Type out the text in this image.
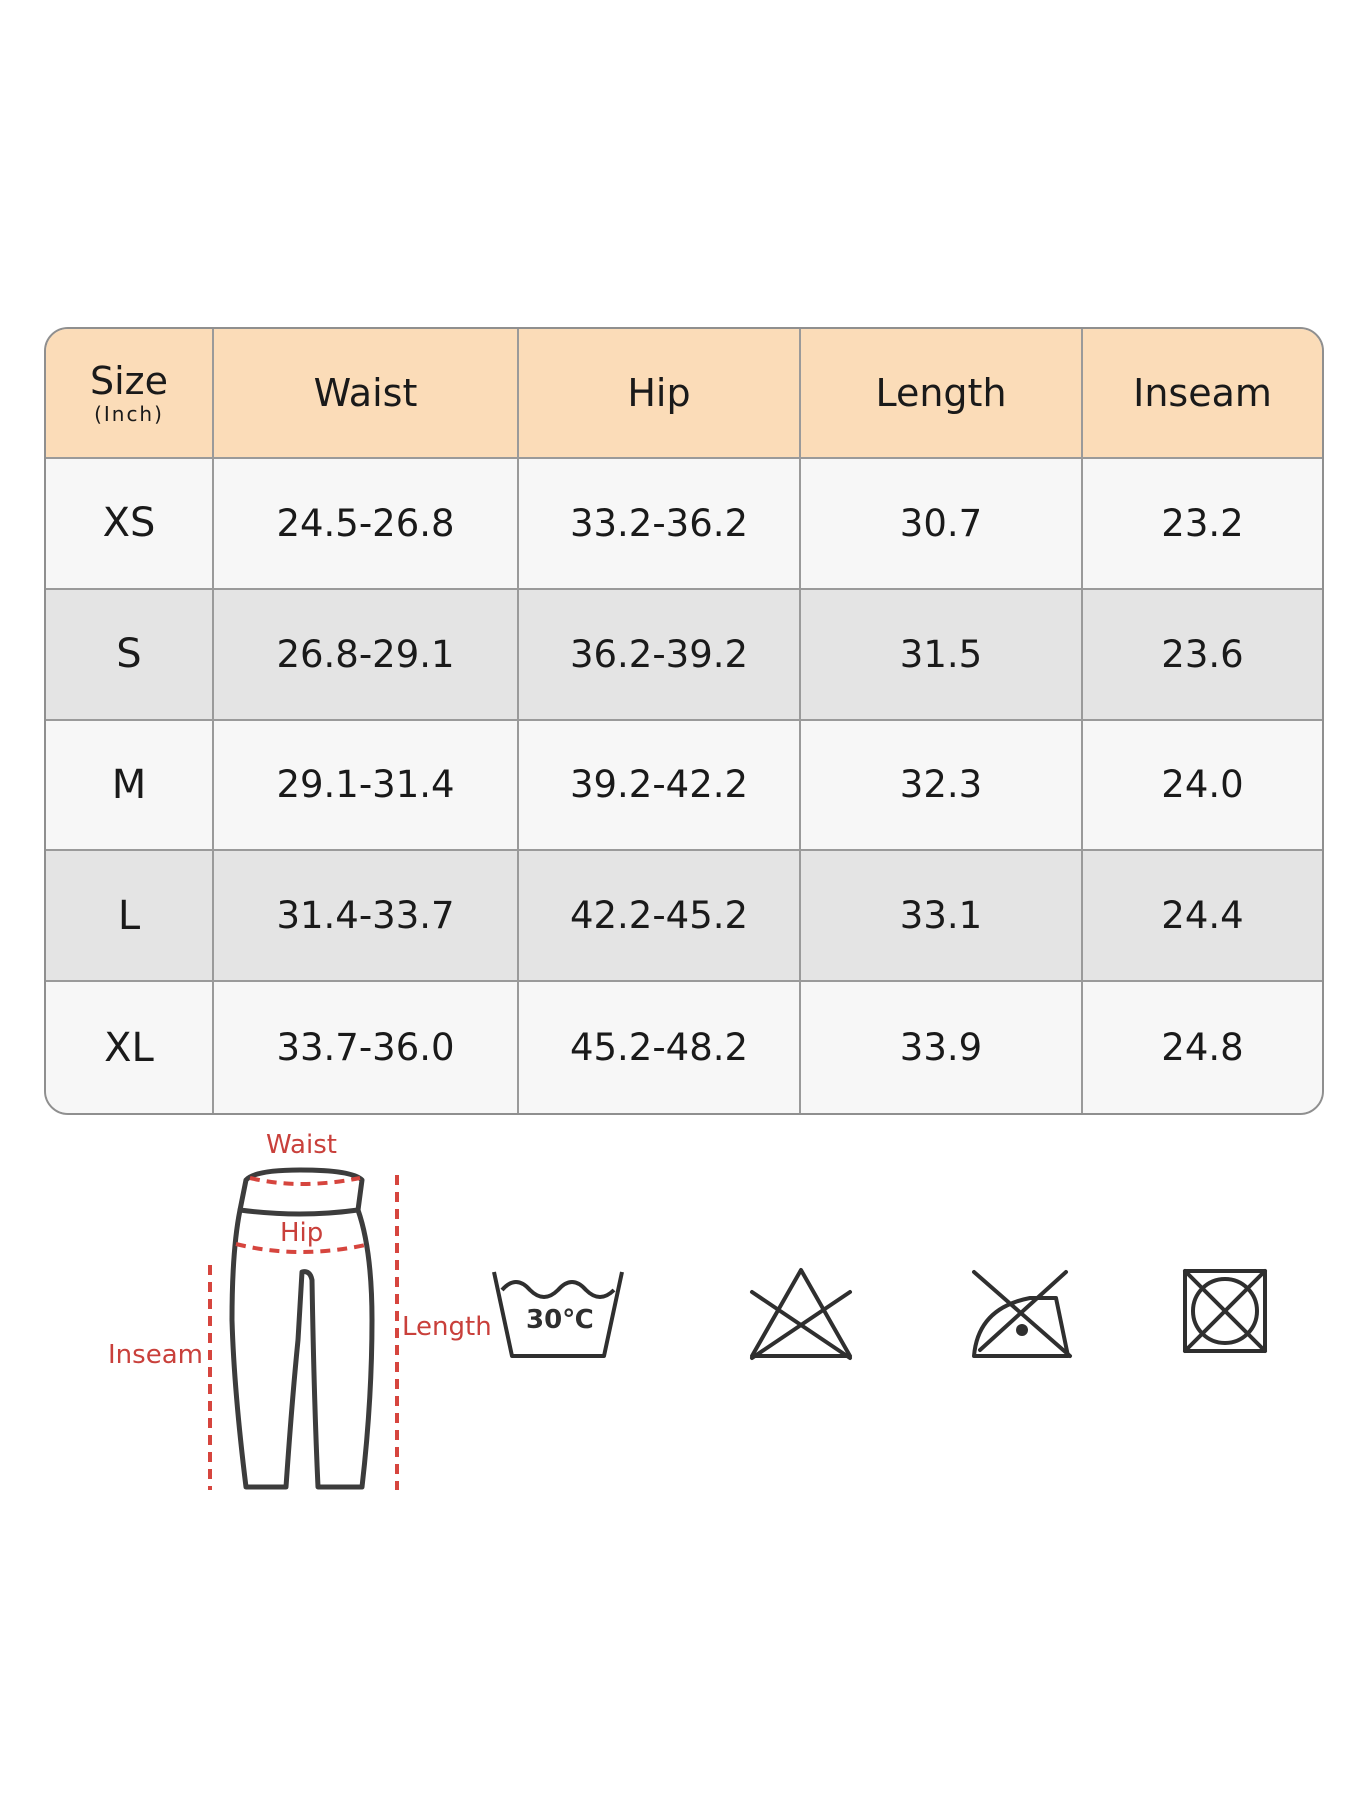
Size
(Inch)	Waist	Hip	Length	Inseam
XS	24.5-26.8	33.2-36.2	30.7	23.2
S	26.8-29.1	36.2-39.2	31.5	23.6
M	29.1-31.4	39.2-42.2	32.3	24.0
L	31.4-33.7	42.2-45.2	33.1	24.4
XL	33.7-36.0	45.2-48.2	33.9	24.8
Waist
Hip
Length
Inseam
30℃
